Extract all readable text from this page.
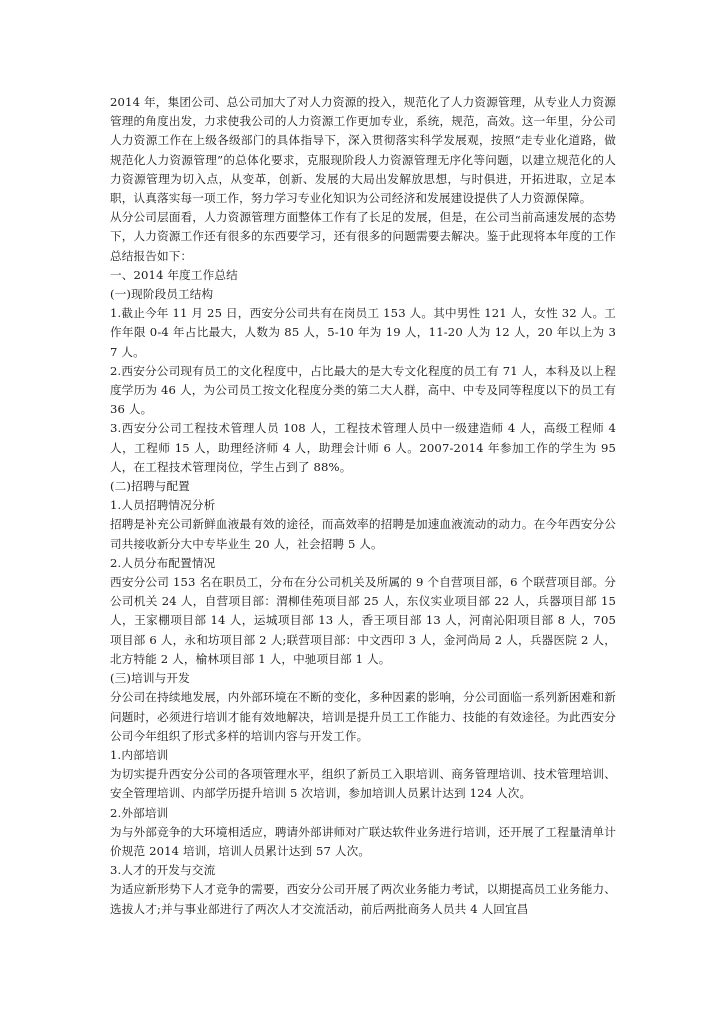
2014 年，集团公司、总公司加大了对人力资源的投入，规范化了人力资源管理，从专业人力资源管理的角度出发，力求使我公司的人力资源工作更加专业，系统，规范，高效。这一年里，分公司人力资源工作在上级各级部门的具体指导下，深入贯彻落实科学发展观，按照“走专业化道路，做规范化人力资源管理”的总体化要求，克服现阶段人力资源管理无序化等问题，以建立规范化的人力资源管理为切入点，从变革，创新、发展的大局出发解放思想，与时俱进，开拓进取，立足本职，认真落实每一项工作，努力学习专业化知识为公司经济和发展建设提供了人力资源保障。

从分公司层面看，人力资源管理方面整体工作有了长足的发展，但是，在公司当前高速发展的态势下，人力资源工作还有很多的东西要学习，还有很多的问题需要去解决。鉴于此现将本年度的工作总结报告如下：

一、2014 年度工作总结

(一)现阶段员工结构

1.截止今年 11 月 25 日，西安分公司共有在岗员工 153 人。其中男性 121 人，女性 32 人。工作年限 0-4 年占比最大，人数为 85 人，5-10 年为 19 人，11-20 人为 12 人，20 年以上为 37 人。

2.西安分公司现有员工的文化程度中，占比最大的是大专文化程度的员工有 71 人，本科及以上程度学历为 46 人，为公司员工按文化程度分类的第二大人群，高中、中专及同等程度以下的员工有 36 人。

3.西安分公司工程技术管理人员 108 人，工程技术管理人员中一级建造师 4 人，高级工程师 4 人，工程师 15 人，助理经济师 4 人，助理会计师 6 人。2007-2014 年参加工作的学生为 95 人，在工程技术管理岗位，学生占到了 88%。

(二)招聘与配置

1.人员招聘情况分析

招聘是补充公司新鲜血液最有效的途径，而高效率的招聘是加速血液流动的动力。在今年西安分公司共接收新分大中专毕业生 20 人，社会招聘 5 人。

2.人员分布配置情况

西安分公司 153 名在职员工，分布在分公司机关及所属的 9 个自营项目部，6 个联营项目部。分公司机关 24 人，自营项目部：渭柳佳苑项目部 25 人，东仪实业项目部 22 人，兵器项目部 15 人，王家棚项目部 14 人，运城项目部 13 人，香王项目部 13 人，河南沁阳项目部 8 人，705 项目部 6 人，永和坊项目部 2 人;联营项目部：中文西印 3 人，金河尚局 2 人，兵器医院 2 人，北方特能 2 人，榆林项目部 1 人，中驰项目部 1 人。

(三)培训与开发

分公司在持续地发展，内外部环境在不断的变化，多种因素的影响，分公司面临一系列新困难和新问题时，必须进行培训才能有效地解决，培训是提升员工工作能力、技能的有效途径。为此西安分公司今年组织了形式多样的培训内容与开发工作。

1.内部培训

为切实提升西安分公司的各项管理水平，组织了新员工入职培训、商务管理培训、技术管理培训、安全管理培训、内部学历提升培训 5 次培训，参加培训人员累计达到 124 人次。

2.外部培训

为与外部竞争的大环境相适应，聘请外部讲师对广联达软件业务进行培训，还开展了工程量清单计价规范 2014 培训，培训人员累计达到 57 人次。

3.人才的开发与交流

为适应新形势下人才竞争的需要，西安分公司开展了两次业务能力考试，以期提高员工业务能力、选拔人才;并与事业部进行了两次人才交流活动，前后两批商务人员共 4 人回宜昌
